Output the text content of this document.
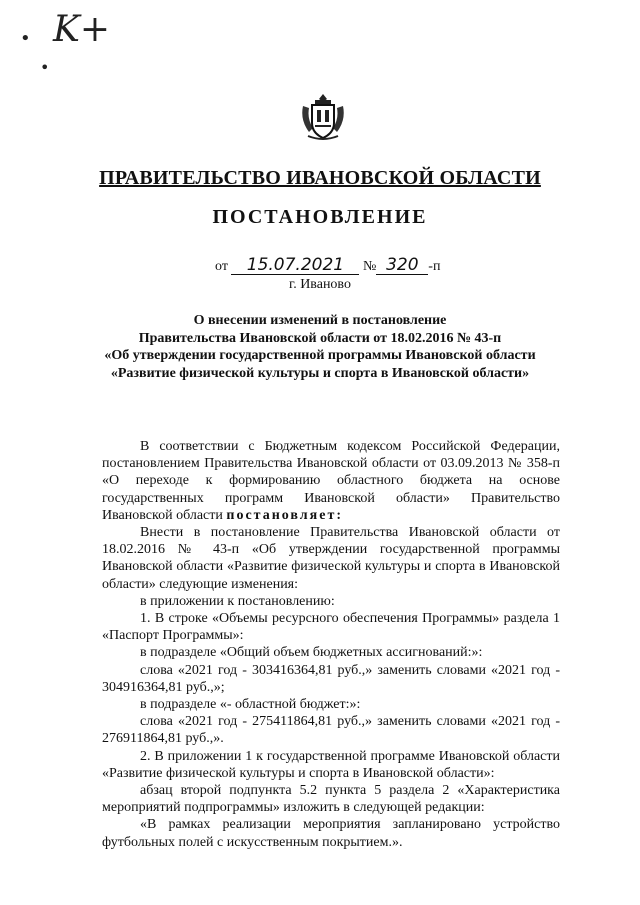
• K+
•
ПРАВИТЕЛЬСТВО ИВАНОВСКОЙ ОБЛАСТИ
ПОСТАНОВЛЕНИЕ
от 15.07.2021 № 320 -п
г. Иваново
О внесении изменений в постановление
Правительства Ивановской области от 18.02.2016 № 43-п
«Об утверждении государственной программы Ивановской области
«Развитие физической культуры и спорта в Ивановской области»

В соответствии с Бюджетным кодексом Российской Федерации, постановлением Правительства Ивановской области от 03.09.2013 № 358-п «О переходе к формированию областного бюджета на основе государственных программ Ивановской области» Правительство Ивановской области постановляет:

Внести в постановление Правительства Ивановской области от 18.02.2016 № 43-п «Об утверждении государственной программы Ивановской области «Развитие физической культуры и спорта в Ивановской области» следующие изменения:

в приложении к постановлению:

1. В строке «Объемы ресурсного обеспечения Программы» раздела 1 «Паспорт Программы»:

в подразделе «Общий объем бюджетных ассигнований:»:

слова «2021 год - 303416364,81 руб.,» заменить словами «2021 год - 304916364,81 руб.,»;

в подразделе «- областной бюджет:»:

слова «2021 год - 275411864,81 руб.,» заменить словами «2021 год - 276911864,81 руб.,».

2. В приложении 1 к государственной программе Ивановской области «Развитие физической культуры и спорта в Ивановской области»:

абзац второй подпункта 5.2 пункта 5 раздела 2 «Характеристика мероприятий подпрограммы» изложить в следующей редакции:

«В рамках реализации мероприятия запланировано устройство футбольных полей с искусственным покрытием.».
